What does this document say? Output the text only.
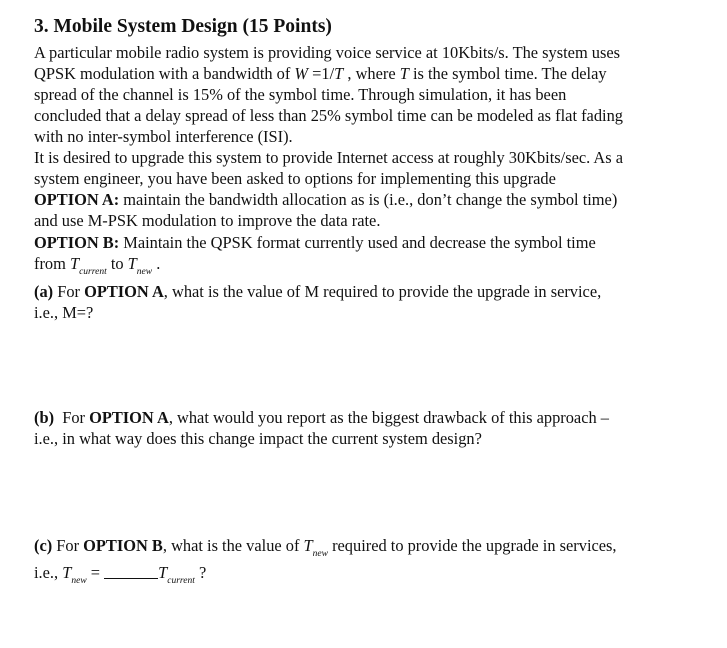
3. Mobile System Design (15 Points)
A particular mobile radio system is providing voice service at 10Kbits/s. The system uses
QPSK modulation with a bandwidth of W =1/T , where T is the symbol time. The delay
spread of the channel is 15% of the symbol time. Through simulation, it has been
concluded that a delay spread of less than 25% symbol time can be modeled as flat fading
with no inter-symbol interference (ISI).
It is desired to upgrade this system to provide Internet access at roughly 30Kbits/sec. As a
system engineer, you have been asked to options for implementing this upgrade
OPTION A: maintain the bandwidth allocation as is (i.e., don’t change the symbol time)
and use M-PSK modulation to improve the data rate.
OPTION B: Maintain the QPSK format currently used and decrease the symbol time
from $T_{current}$ to $T_{new}$ .
(a) For OPTION A, what is the value of M required to provide the upgrade in service,
i.e., M=?
(b)  For OPTION A, what would you report as the biggest drawback of this approach –
i.e., in what way does this change impact the current system design?
(c) For OPTION B, what is the value of $T_{new}$ required to provide the upgrade in services,
i.e., $T_{new}$ =	$T_{current}$ ?
